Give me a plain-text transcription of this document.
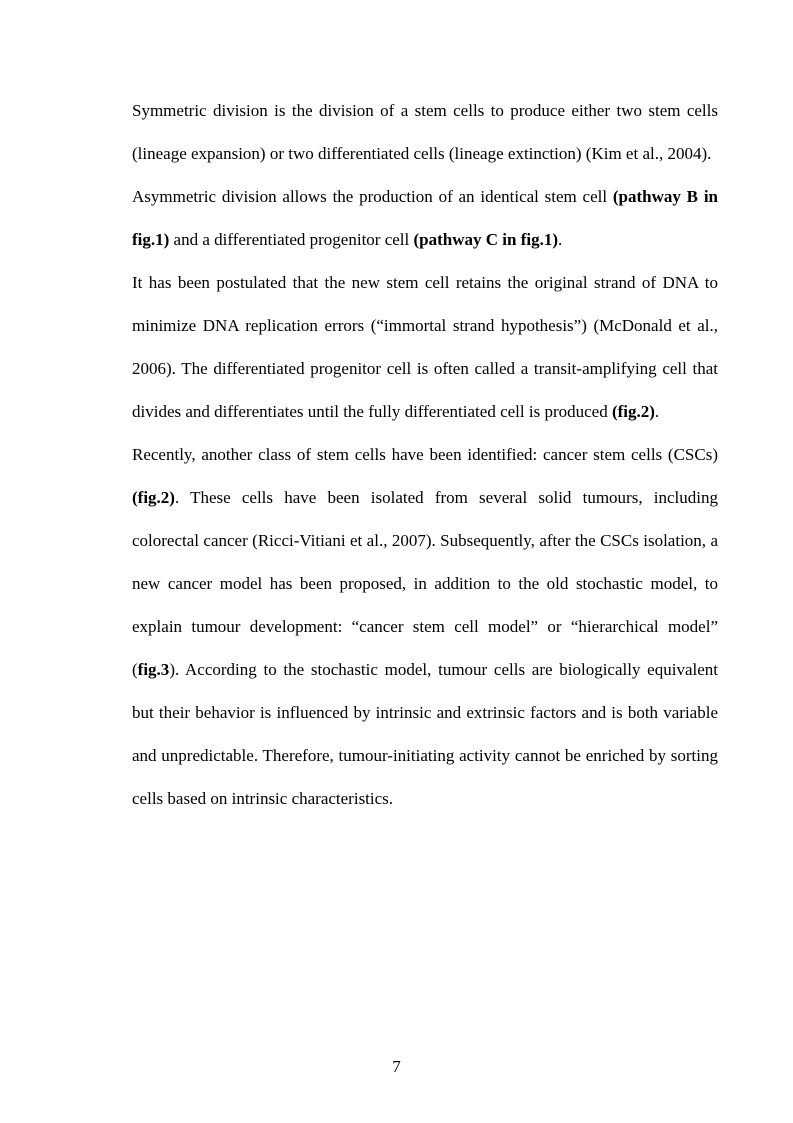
Symmetric division is the division of a stem cells to produce either two stem cells (lineage expansion) or two differentiated cells (lineage extinction) (Kim et al., 2004).

Asymmetric division allows the production of an identical stem cell (pathway B in fig.1) and a differentiated progenitor cell (pathway C in fig.1).

It has been postulated that the new stem cell retains the original strand of DNA to minimize DNA replication errors (“immortal strand hypothesis”) (McDonald et al., 2006). The differentiated progenitor cell is often called a transit-amplifying cell that divides and differentiates until the fully differentiated cell is produced (fig.2).

Recently, another class of stem cells have been identified: cancer stem cells (CSCs) (fig.2). These cells have been isolated from several solid tumours, including colorectal cancer (Ricci-Vitiani et al., 2007). Subsequently, after the CSCs isolation, a new cancer model has been proposed, in addition to the old stochastic model, to explain tumour development: “cancer stem cell model” or “hierarchical model” (fig.3). According to the stochastic model, tumour cells are biologically equivalent but their behavior is influenced by intrinsic and extrinsic factors and is both variable and unpredictable. Therefore, tumour-initiating activity cannot be enriched by sorting cells based on intrinsic characteristics.

7
